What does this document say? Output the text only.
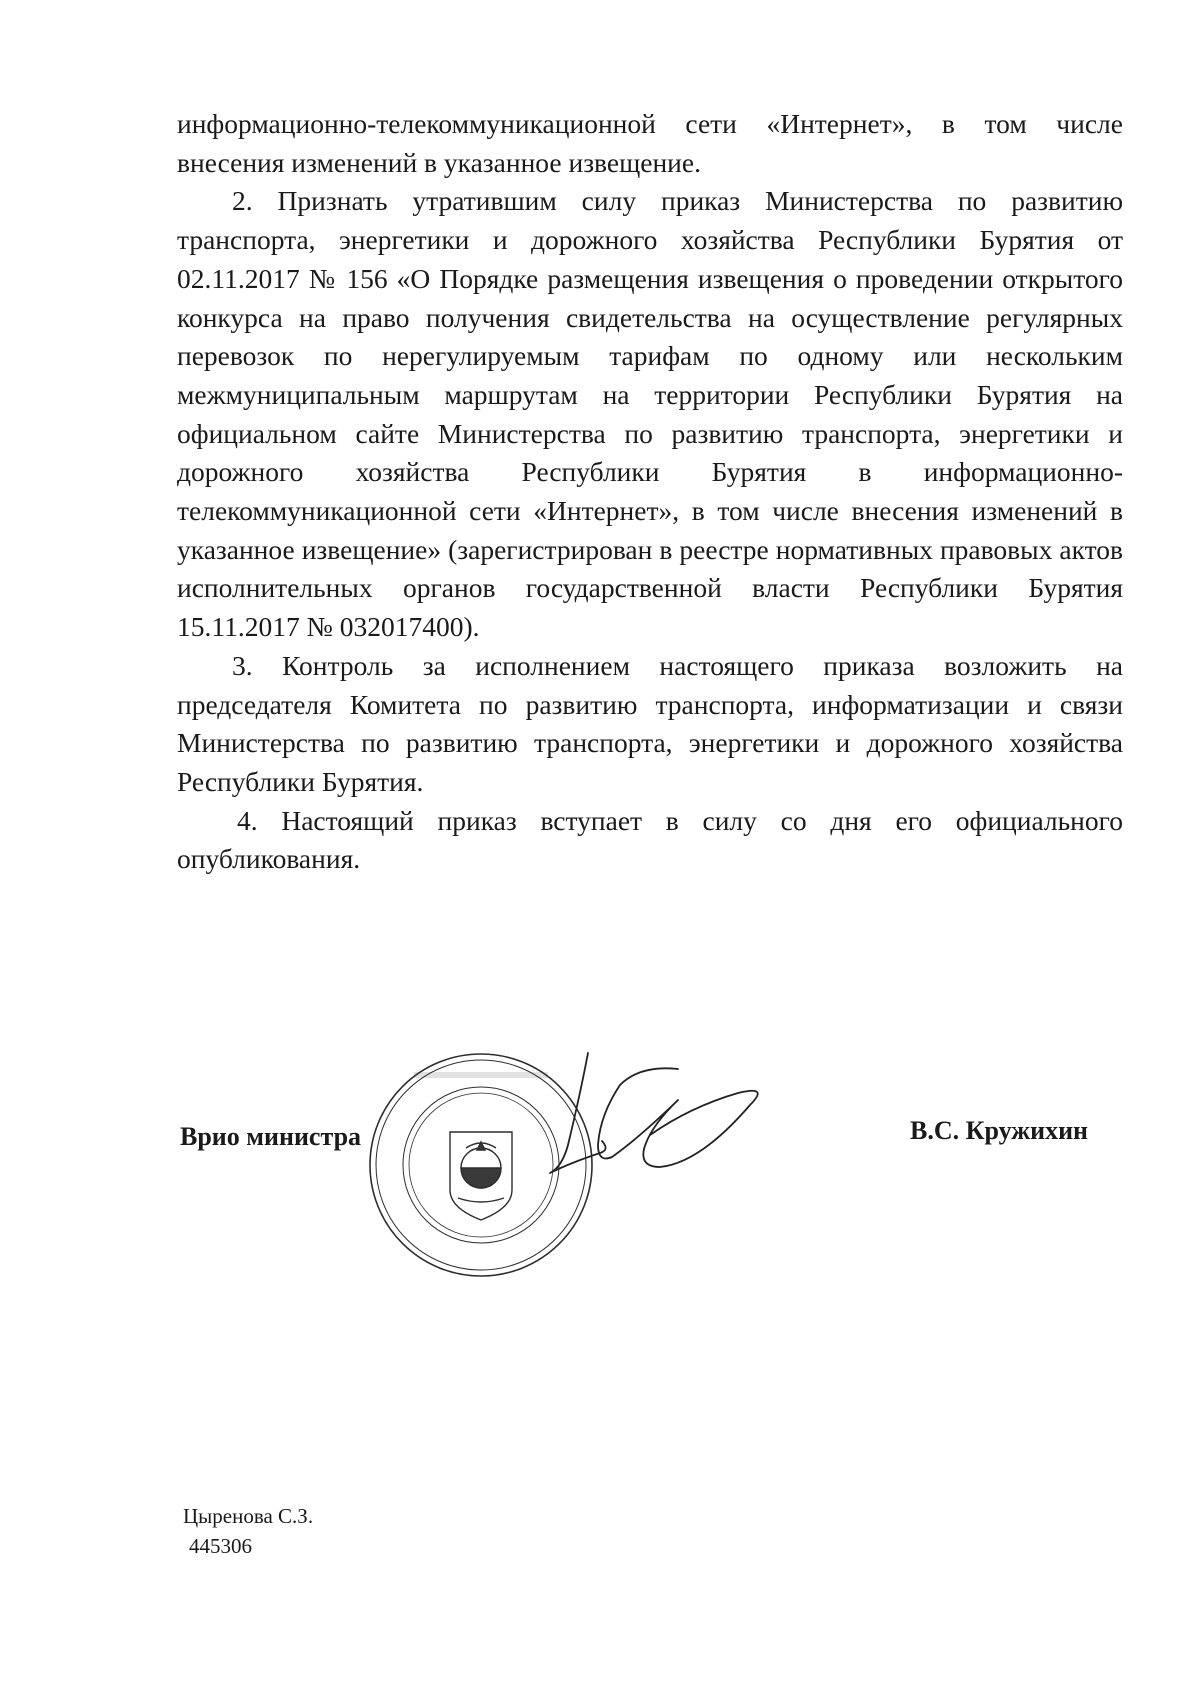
информационно-телекоммуникационной сети «Интернет», в том числе внесения изменений в указанное извещение.

2. Признать утратившим силу приказ Министерства по развитию транспорта, энергетики и дорожного хозяйства Республики Бурятия от 02.11.2017 № 156 «О Порядке размещения извещения о проведении открытого конкурса на право получения свидетельства на осуществление регулярных перевозок по нерегулируемым тарифам по одному или нескольким межмуниципальным маршрутам на территории Республики Бурятия на официальном сайте Министерства по развитию транспорта, энергетики и дорожного хозяйства Республики Бурятия в информационно-телекоммуникационной сети «Интернет», в том числе внесения изменений в указанное извещение» (зарегистрирован в реестре нормативных правовых актов исполнительных органов государственной власти Республики Бурятия 15.11.2017 № 032017400).

3. Контроль за исполнением настоящего приказа возложить на председателя Комитета по развитию транспорта, информатизации и связи Министерства по развитию транспорта, энергетики и дорожного хозяйства Республики Бурятия.

4. Настоящий приказ вступает в силу со дня его официального опубликования.

Врио министра	В.С. Кружихин
Цыренова С.З.
445306
